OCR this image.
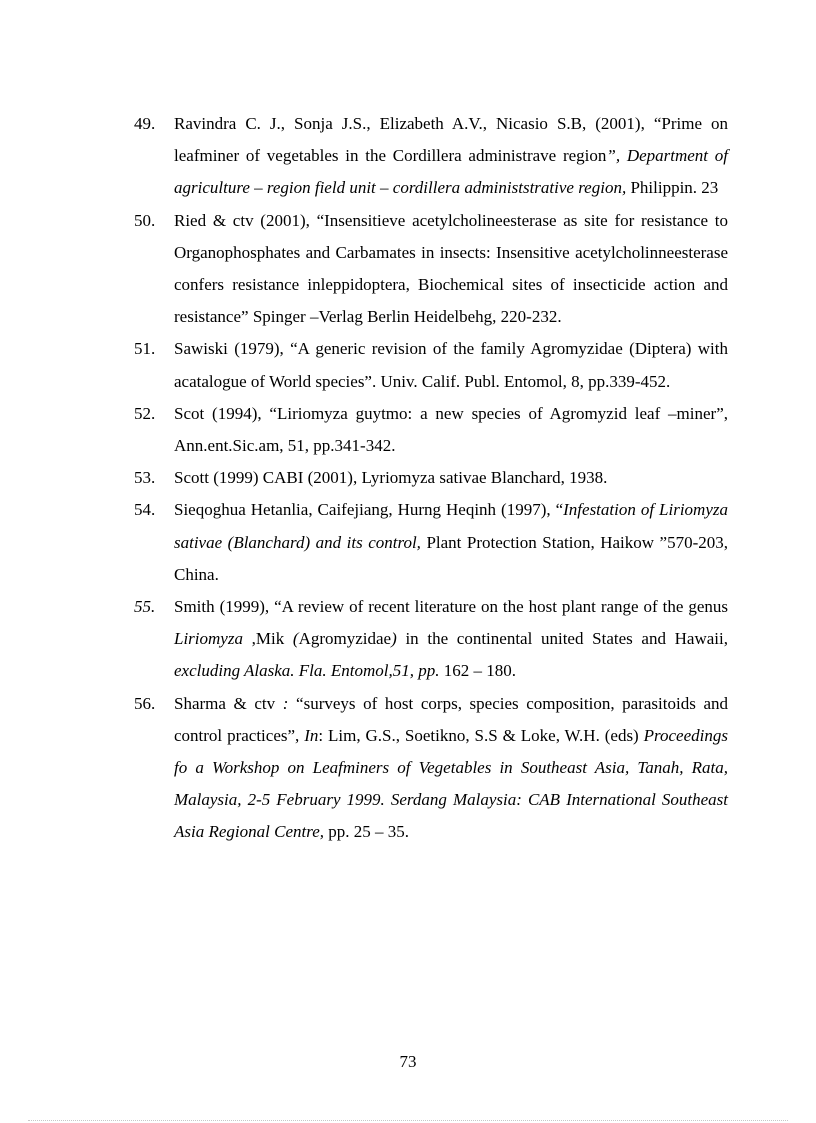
49.	Ravindra C. J., Sonja J.S., Elizabeth A.V., Nicasio S.B, (2001), “Prime on leafminer of vegetables in the Cordillera administrave region”, Department of agriculture – region field unit – cordillera administstrative region, Philippin. 23
50.	Ried & ctv (2001), “Insensitieve acetylcholineesterase as site for resistance to Organophosphates and Carbamates in insects: Insensitive acetylcholinneesterase confers resistance inleppidoptera, Biochemical sites of insecticide action and resistance” Spinger –Verlag Berlin Heidelbehg, 220-232.
51.	Sawiski (1979), “A generic revision of the family Agromyzidae (Diptera) with acatalogue of World species”. Univ. Calif. Publ. Entomol, 8, pp.339-452.
52.	Scot (1994), “Liriomyza guytmo: a new species of Agromyzid leaf –miner”, Ann.ent.Sic.am, 51, pp.341-342.
53.	Scott (1999) CABI (2001), Lyriomyza sativae Blanchard, 1938.
54.	Sieqoghua Hetanlia, Caifejiang, Hurng Heqinh (1997), “Infestation of Liriomyza sativae (Blanchard) and its control, Plant Protection Station, Haikow ”570-203, China.
55.	Smith (1999), “A review of recent literature on the host plant range of the genus Liriomyza ,Mik (Agromyzidae) in the continental united States and Hawaii, excluding Alaska. Fla. Entomol,51, pp. 162 – 180.
56.	Sharma & ctv : “surveys of host corps, species composition, parasitoids and control practices”, In: Lim, G.S., Soetikno, S.S & Loke, W.H. (eds) Proceedings fo a Workshop on Leafminers of Vegetables in Southeast Asia, Tanah, Rata, Malaysia, 2-5 February 1999. Serdang Malaysia: CAB International Southeast Asia Regional Centre, pp. 25 – 35.
73
